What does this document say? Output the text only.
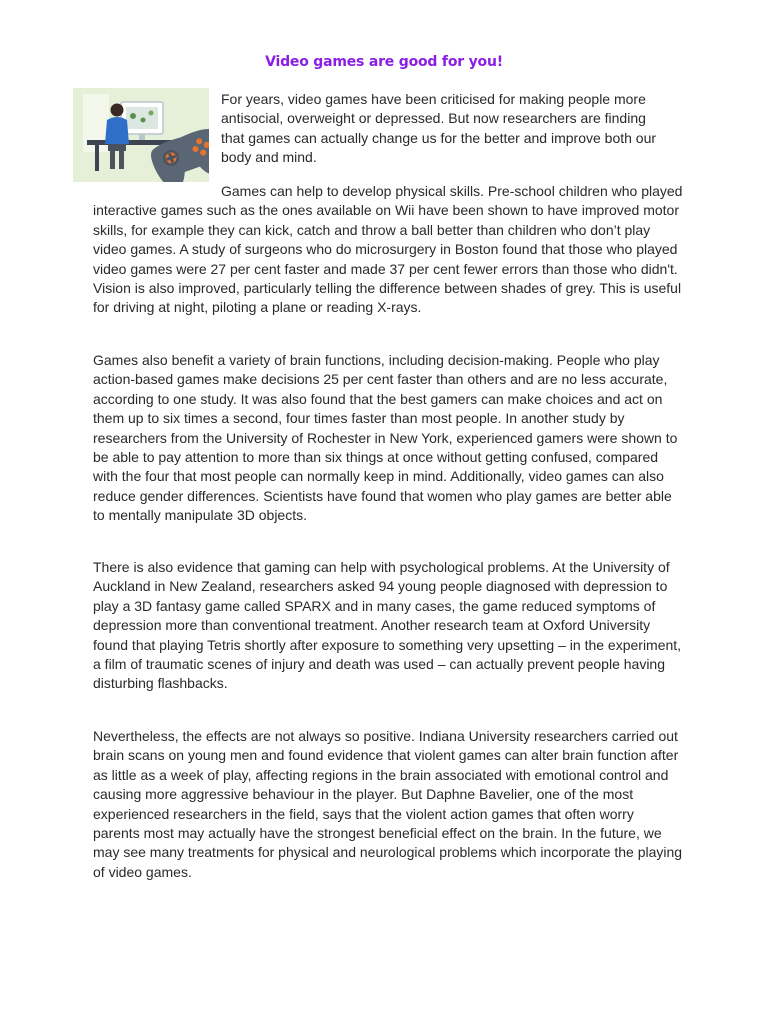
Video games are good for you!

For years, video games have been criticised for making people more antisocial, overweight or depressed. But now researchers are finding that games can actually change us for the better and improve both our body and mind.

Games can help to develop physical skills. Pre-school children who played interactive games such as the ones available on Wii have been shown to have improved motor skills, for example they can kick, catch and throw a ball better than children who don’t play video games. A study of surgeons who do microsurgery in Boston found that those who played video games were 27 per cent faster and made 37 per cent fewer errors than those who didn't. Vision is also improved, particularly telling the difference between shades of grey. This is useful for driving at night, piloting a plane or reading X-rays.

Games also benefit a variety of brain functions, including decision-making. People who play action-based games make decisions 25 per cent faster than others and are no less accurate, according to one study. It was also found that the best gamers can make choices and act on them up to six times a second, four times faster than most people. In another study by researchers from the University of Rochester in New York, experienced gamers were shown to be able to pay attention to more than six things at once without getting confused, compared with the four that most people can normally keep in mind. Additionally, video games can also reduce gender differences. Scientists have found that women who play games are better able to mentally manipulate 3D objects.

There is also evidence that gaming can help with psychological problems. At the University of Auckland in New Zealand, researchers asked 94 young people diagnosed with depression to play a 3D fantasy game called SPARX and in many cases, the game reduced symptoms of depression more than conventional treatment. Another research team at Oxford University found that playing Tetris shortly after exposure to something very upsetting – in the experiment, a film of traumatic scenes of injury and death was used – can actually prevent people having disturbing flashbacks.

Nevertheless, the effects are not always so positive. Indiana University researchers carried out brain scans on young men and found evidence that violent games can alter brain function after as little as a week of play, affecting regions in the brain associated with emotional control and causing more aggressive behaviour in the player. But Daphne Bavelier, one of the most experienced researchers in the field, says that the violent action games that often worry parents most may actually have the strongest beneficial effect on the brain. In the future, we may see many treatments for physical and neurological problems which incorporate the playing of video games.
